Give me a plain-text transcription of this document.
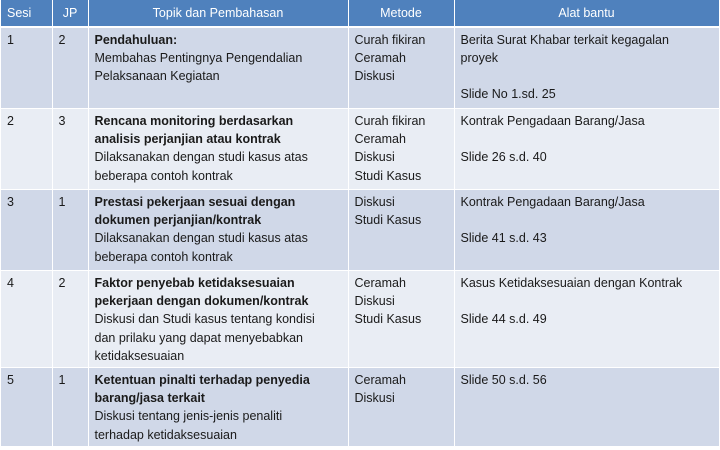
Sesi	JP	Topik dan Pembahasan	Metode	Alat bantu
1	2	Pendahuluan:
Membahas Pentingnya Pengendalian
Pelaksanaan Kegiatan	Curah fikiran
Ceramah
Diskusi	Berita Surat Khabar terkait kegagalan
proyek
Slide No 1.sd. 25

2	3	Rencana monitoring berdasarkan
analisis perjanjian atau kontrak
Dilaksanakan dengan studi kasus atas
beberapa contoh kontrak	Curah fikiran
Ceramah
Diskusi
Studi Kasus	Kontrak Pengadaan Barang/Jasa
Slide 26 s.d. 40

3	1	Prestasi pekerjaan sesuai dengan
dokumen perjanjian/kontrak
Dilaksanakan dengan studi kasus atas
beberapa contoh kontrak	Diskusi
Studi Kasus	Kontrak Pengadaan Barang/Jasa
Slide 41 s.d. 43

4	2	Faktor penyebab ketidaksesuaian
pekerjaan dengan dokumen/kontrak
Diskusi dan Studi kasus tentang kondisi
dan prilaku yang dapat menyebabkan
ketidaksesuaian	Ceramah
Diskusi
Studi Kasus	Kasus Ketidaksesuaian dengan Kontrak
Slide 44 s.d. 49

5	1	Ketentuan pinalti terhadap penyedia
barang/jasa terkait
Diskusi tentang jenis-jenis penaliti
terhadap ketidaksesuaian	Ceramah
Diskusi	Slide 50 s.d. 56
